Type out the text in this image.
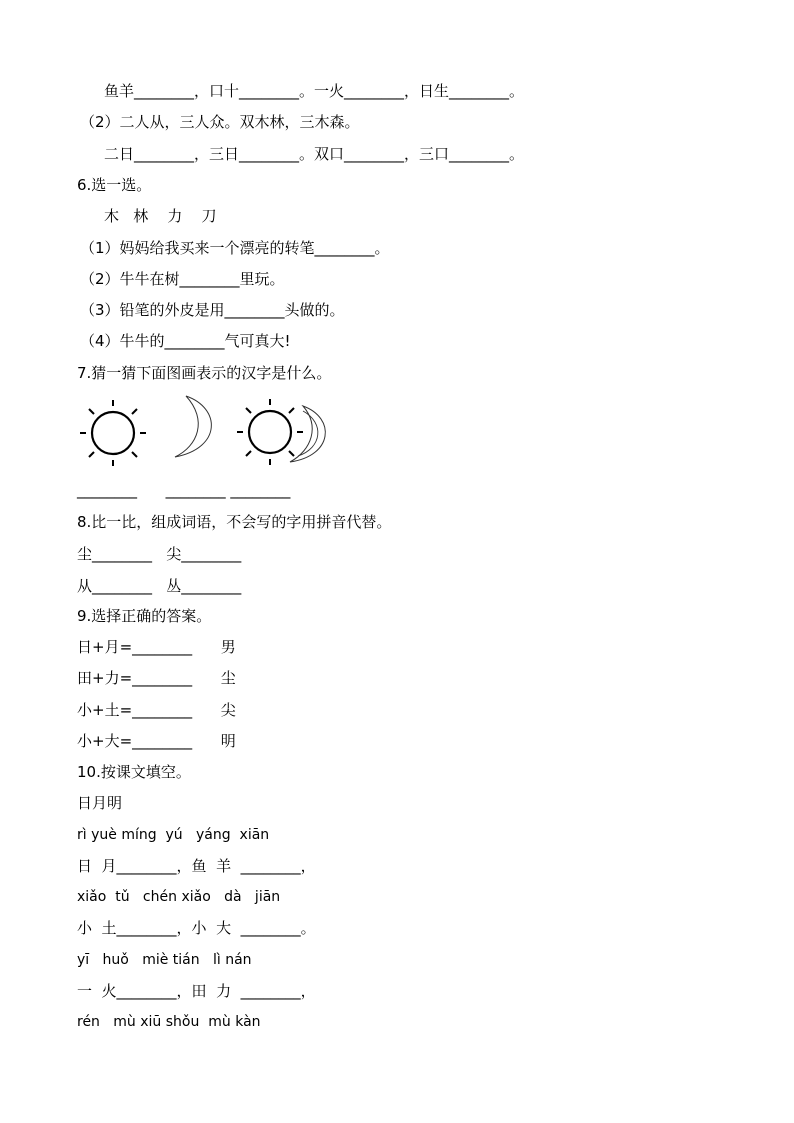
鱼羊________，口十________。一火________，日生________。
（2）二人从，三人众。双木林，三木森。
二日________，三日________。双口________，三口________。
6.选一选。
木   林    力    刀
（1）妈妈给我买来一个漂亮的转笔________。
（2）牛牛在树________里玩。
（3）铅笔的外皮是用________头做的。
（4）牛牛的________气可真大!
7.猜一猜下面图画表示的汉字是什么。
________      ________ ________
8.比一比，组成词语，不会写的字用拼音代替。
尘________   尖________
从________   丛________
9.选择正确的答案。
日+月=________      男
田+力=________      尘
小+土=________      尖
小+大=________      明
10.按课文填空。
日月明
rì yuè míng  yú   yáng  xiān
日  月________，鱼  羊  ________，
xiǎo  tǔ   chén xiǎo   dà   jiān
小  土________，小  大  ________。
yī   huǒ   miè tián   lì nán
一  火________，田  力  ________，
rén   mù xiū shǒu  mù kàn
